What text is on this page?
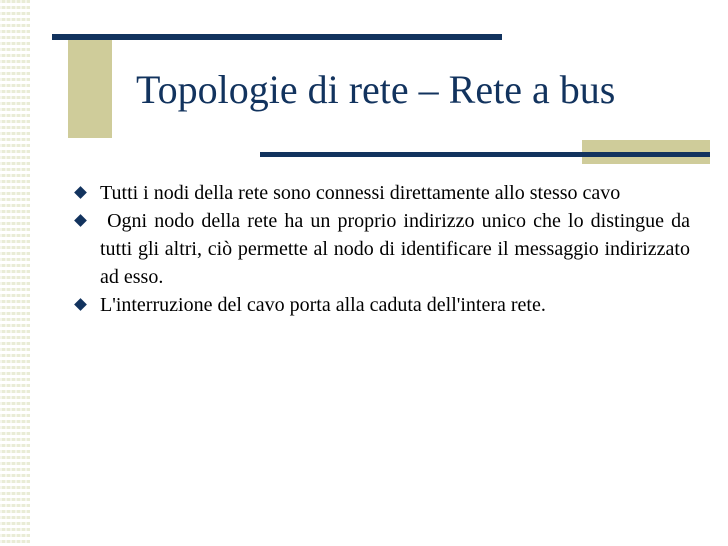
Topologie di rete – Rete a bus
Tutti i nodi della rete sono connessi direttamente allo stesso cavo
Ogni nodo della rete ha un proprio indirizzo unico che lo distingue da tutti gli altri, ciò permette al nodo di identificare il messaggio indirizzato ad esso.
L'interruzione del cavo porta alla caduta dell'intera rete.
